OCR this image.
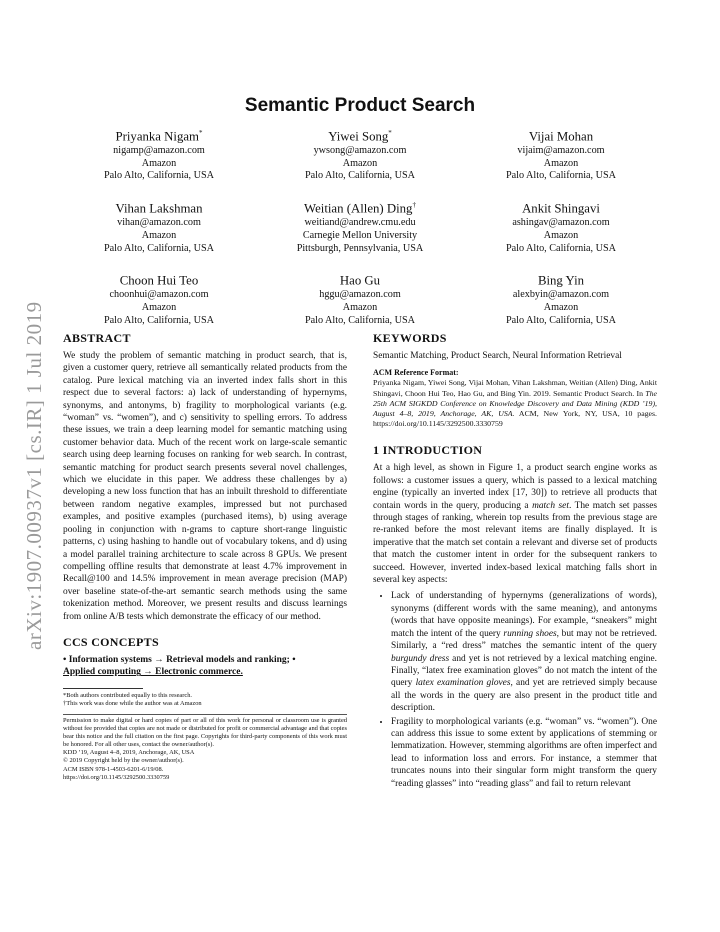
arXiv:1907.00937v1 [cs.IR] 1 Jul 2019
Semantic Product Search
Priyanka Nigam*
nigamp@amazon.com
Amazon
Palo Alto, California, USA
Yiwei Song*
ywsong@amazon.com
Amazon
Palo Alto, California, USA
Vijai Mohan
vijaim@amazon.com
Amazon
Palo Alto, California, USA
Vihan Lakshman
vihan@amazon.com
Amazon
Palo Alto, California, USA
Weitian (Allen) Ding†
weitiand@andrew.cmu.edu
Carnegie Mellon University
Pittsburgh, Pennsylvania, USA
Ankit Shingavi
ashingav@amazon.com
Amazon
Palo Alto, California, USA
Choon Hui Teo
choonhui@amazon.com
Amazon
Palo Alto, California, USA
Hao Gu
hggu@amazon.com
Amazon
Palo Alto, California, USA
Bing Yin
alexbyin@amazon.com
Amazon
Palo Alto, California, USA
ABSTRACT

We study the problem of semantic matching in product search, that is, given a customer query, retrieve all semantically related products from the catalog. Pure lexical matching via an inverted index falls short in this respect due to several factors: a) lack of understanding of hypernyms, synonyms, and antonyms, b) fragility to morphological variants (e.g. “woman” vs. “women”), and c) sensitivity to spelling errors. To address these issues, we train a deep learning model for semantic matching using customer behavior data. Much of the recent work on large-scale semantic search using deep learning focuses on ranking for web search. In contrast, semantic matching for product search presents several novel challenges, which we elucidate in this paper. We address these challenges by a) developing a new loss function that has an inbuilt threshold to differentiate between random negative examples, impressed but not purchased examples, and positive examples (purchased items), b) using average pooling in conjunction with n-grams to capture short-range linguistic patterns, c) using hashing to handle out of vocabulary tokens, and d) using a model parallel training architecture to scale across 8 GPUs. We present compelling offline results that demonstrate at least 4.7% improvement in Recall@100 and 14.5% improvement in mean average precision (MAP) over baseline state-of-the-art semantic search methods using the same tokenization method. Moreover, we present results and discuss learnings from online A/B tests which demonstrate the efficacy of our method.

CCS CONCEPTS

• Information systems → Retrieval models and ranking; •
Applied computing → Electronic commerce.

*Both authors contributed equally to this research.

†This work was done while the author was at Amazon

Permission to make digital or hard copies of part or all of this work for personal or classroom use is granted without fee provided that copies are not made or distributed for profit or commercial advantage and that copies bear this notice and the full citation on the first page. Copyrights for third-party components of this work must be honored. For all other uses, contact the owner/author(s).

KDD ’19, August 4–8, 2019, Anchorage, AK, USA

© 2019 Copyright held by the owner/author(s).

ACM ISBN 978-1-4503-6201-6/19/08.

https://doi.org/10.1145/3292500.3330759

KEYWORDS

Semantic Matching, Product Search, Neural Information Retrieval

ACM Reference Format:

Priyanka Nigam, Yiwei Song, Vijai Mohan, Vihan Lakshman, Weitian (Allen) Ding, Ankit Shingavi, Choon Hui Teo, Hao Gu, and Bing Yin. 2019. Semantic Product Search. In The 25th ACM SIGKDD Conference on Knowledge Discovery and Data Mining (KDD ’19), August 4–8, 2019, Anchorage, AK, USA. ACM, New York, NY, USA, 10 pages. https://doi.org/10.1145/3292500.3330759

1 INTRODUCTION

At a high level, as shown in Figure 1, a product search engine works as follows: a customer issues a query, which is passed to a lexical matching engine (typically an inverted index [17, 30]) to retrieve all products that contain words in the query, producing a match set. The match set passes through stages of ranking, wherein top results from the previous stage are re-ranked before the most relevant items are finally displayed. It is imperative that the match set contain a relevant and diverse set of products that match the customer intent in order for the subsequent rankers to succeed. However, inverted index-based lexical matching falls short in several key aspects:

• Lack of understanding of hypernyms (generalizations of words), synonyms (different words with the same meaning), and antonyms (words that have opposite meanings). For example, “sneakers” might match the intent of the query running shoes, but may not be retrieved. Similarly, a “red dress” matches the semantic intent of the query burgundy dress and yet is not retrieved by a lexical matching engine. Finally, “latex free examination gloves” do not match the intent of the query latex examination gloves, and yet are retrieved simply because all the words in the query are also present in the product title and description.
• Fragility to morphological variants (e.g. “woman” vs. “women”). One can address this issue to some extent by applications of stemming or lemmatization. However, stemming algorithms are often imperfect and lead to information loss and errors. For instance, a stemmer that truncates nouns into their singular form might transform the query “reading glasses” into “reading glass” and fail to return relevant
